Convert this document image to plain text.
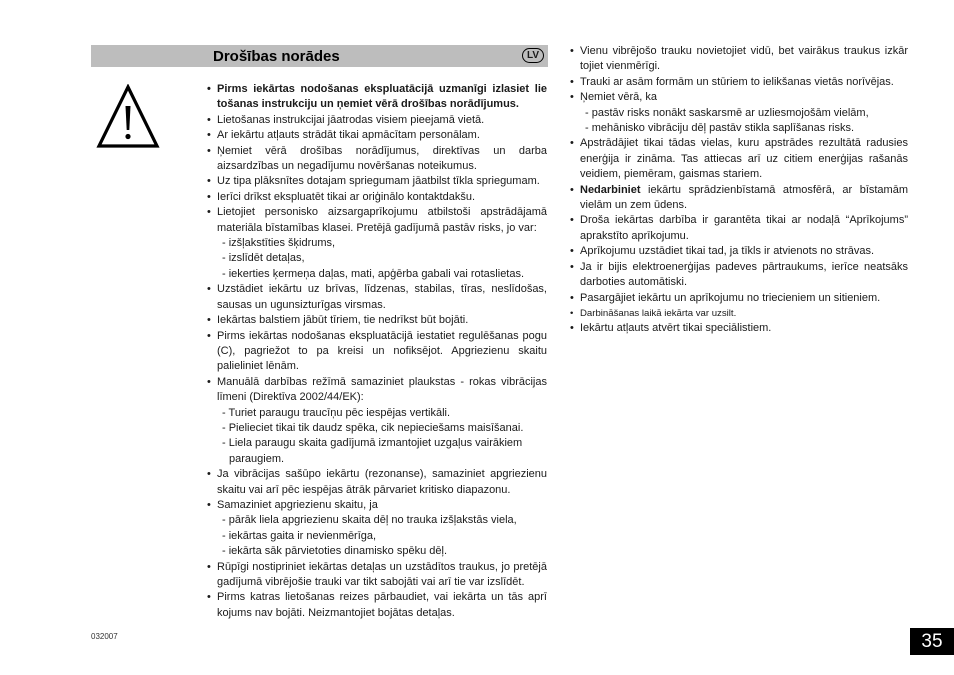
Drošības norādes	LV
• Pirms iekārtas nodošanas ekspluatācijā uzmanīgi izlasiet lie tošanas instrukciju un ņemiet vērā drošības norādījumus.
• Lietošanas instrukcijai jāatrodas visiem pieejamā vietā.
• Ar iekārtu atļauts strādāt tikai apmācītam personālam.
• Ņemiet vērā drošības norādījumus, direktīvas un darba aizsardzības un negadījumu novēršanas noteikumus.
• Uz tipa plāksnītes dotajam spriegumam jāatbilst tīkla spriegumam.
• Ierīci drīkst ekspluatēt tikai ar oriģinālo kontaktdakšu.
• Lietojiet personisko aizsargaprīkojumu atbilstoši apstrādājamā materiāla bīstamības klasei. Pretējā gadījumā pastāv risks, jo var:
- izšļakstīties šķidrums,
- izslīdēt detaļas,
- iekerties ķermeņa daļas, mati, apģērba gabali vai rotaslietas.
• Uzstādiet iekārtu uz brīvas, līdzenas, stabilas, tīras, neslīdošas, sausas un ugunsizturīgas virsmas.
• Iekārtas balstiem jābūt tīriem, tie nedrīkst būt bojāti.
• Pirms iekārtas nodošanas ekspluatācijā iestatiet regulēšanas pogu (C), pagriežot to pa kreisi un nofiksējot. Apgriezienu skaitu palieliniet lēnām.
• Manuālā darbības režīmā samaziniet plaukstas - rokas vibrācijas līmeni (Direktīva 2002/44/EK):
- Turiet paraugu traucīņu pēc iespējas vertikāli.
- Pielieciet tikai tik daudz spēka, cik nepieciešams maisīšanai.
- Liela paraugu skaita gadījumā izmantojiet uzgaļus vairākiem
paraugiem.
• Ja vibrācijas sašūpo iekārtu (rezonanse), samaziniet apgriezienu skaitu vai arī pēc iespējas ātrāk pārvariet kritisko diapazonu.
• Samaziniet apgriezienu skaitu, ja
- pārāk liela apgriezienu skaita dēļ no trauka izšļakstās viela,
- iekārtas gaita ir nevienmērīga,
- iekārta sāk pārvietoties dinamisko spēku dēļ.
• Rūpīgi nostipriniet iekārtas detaļas un uzstādītos traukus, jo pretējā gadījumā vibrējošie trauki var tikt sabojāti vai arī tie var izslīdēt.
• Pirms katras lietošanas reizes pārbaudiet, vai iekārta un tās aprī kojums nav bojāti. Neizmantojiet bojātas detaļas.
• Vienu vibrējošo trauku novietojiet vidū, bet vairākus traukus izkār tojiet vienmērīgi.
• Trauki ar asām formām un stūriem to ielikšanas vietās norīvējas.
• Ņemiet vērā, ka
- pastāv risks nonākt saskarsmē ar uzliesmojošām vielām,
- mehānisko vibrāciju dēļ pastāv stikla saplīšanas risks.
• Apstrādājiet tikai tādas vielas, kuru apstrādes rezultātā radusies enerģija ir zināma. Tas attiecas arī uz citiem enerģijas rašanās veidiem, piemēram, gaismas stariem.
• Nedarbiniet iekārtu sprādzienbīstamā atmosfērā, ar bīstamām vielām un zem ūdens.
• Droša iekārtas darbība ir garantēta tikai ar nodaļā “Aprīkojums” aprakstīto aprīkojumu.
• Aprīkojumu uzstādiet tikai tad, ja tīkls ir atvienots no strāvas.
• Ja ir bijis elektroenerģijas padeves pārtraukums, ierīce neatsāks darboties automātiski.
• Pasargājiet iekārtu un aprīkojumu no triecieniem un sitieniem.
• Darbināšanas laikā iekārta var uzsilt.
• Iekārtu atļauts atvērt tikai speciālistiem.
032007	35
